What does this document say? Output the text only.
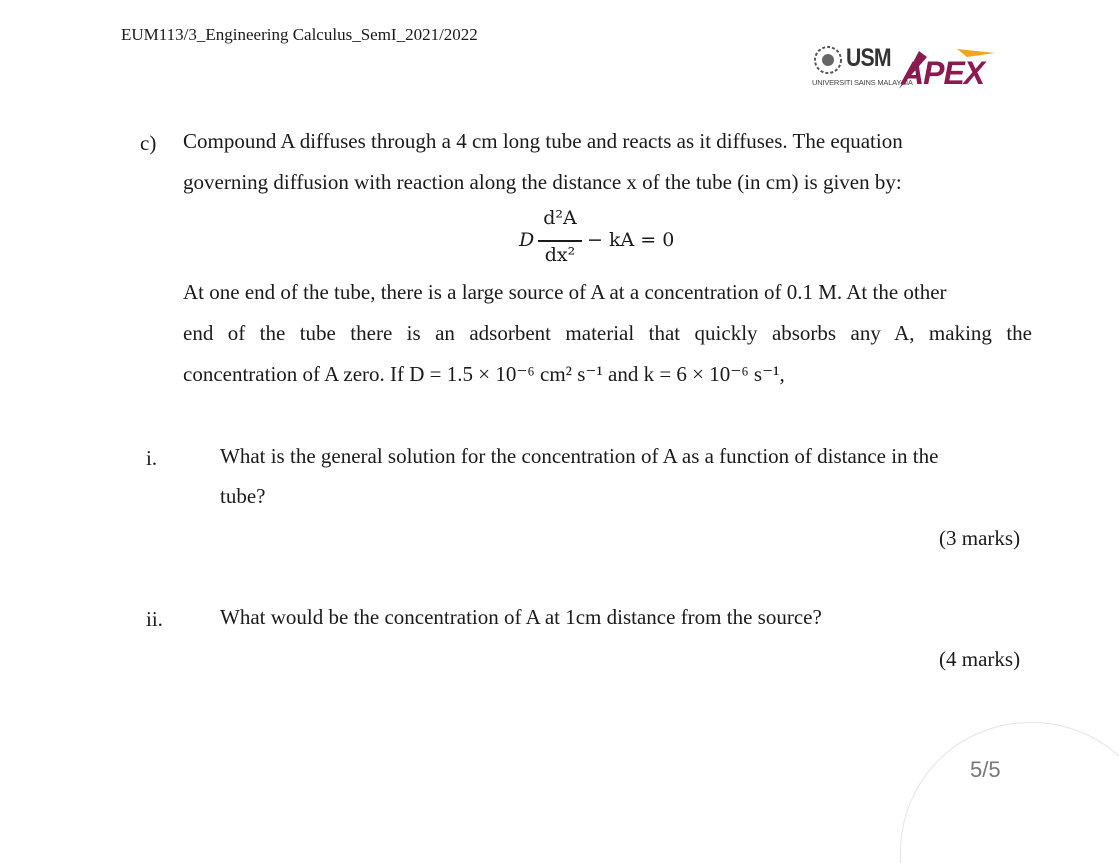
EUM113/3_Engineering Calculus_SemI_2021/2022
USM
UNIVERSITI SAINS MALAYSIA
APEX
c) Compound A diffuses through a 4 cm long tube and reacts as it diffuses. The equation
governing diffusion with reaction along the distance x of the tube (in cm) is given by:
D
d²A
dx²
− kA = 0
At one end of the tube, there is a large source of A at a concentration of 0.1 M. At the other
end of the tube there is an adsorbent material that quickly absorbs any A, making the
concentration of A zero. If D = 1.5 × 10⁻⁶ cm² s⁻¹ and k = 6 × 10⁻⁶ s⁻¹,
i.	What is the general solution for the concentration of A as a function of distance in the
tube?
(3 marks)
ii.	What would be the concentration of A at 1cm distance from the source?
(4 marks)
5/5
